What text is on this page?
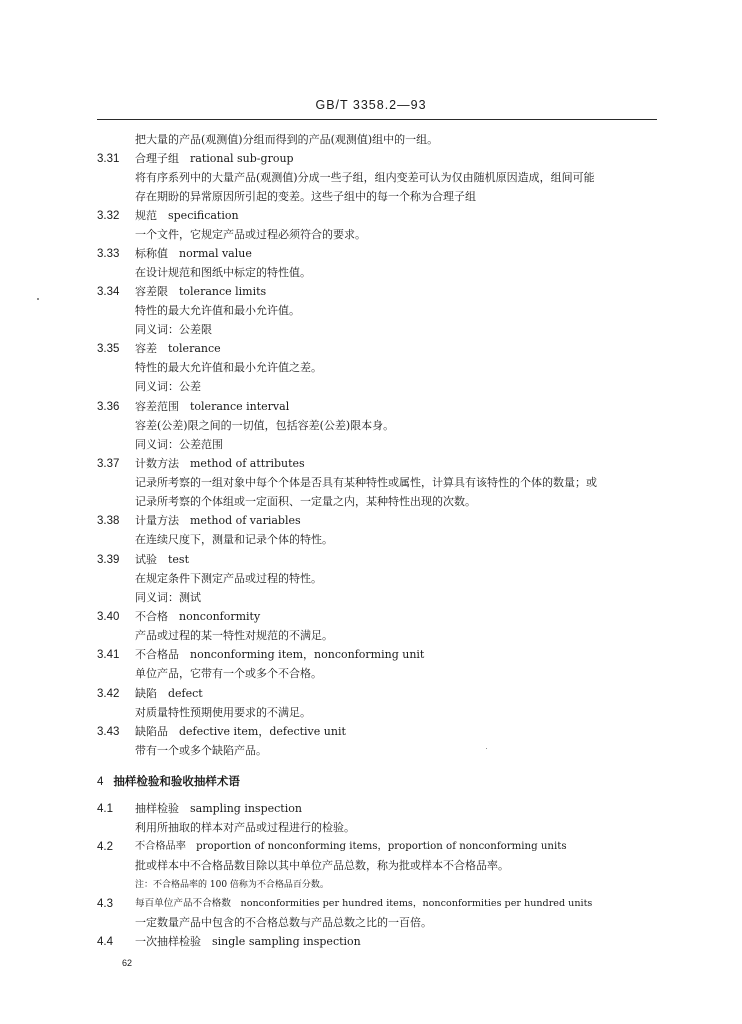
GB/T 3358.2—93
把大量的产品(观测值)分组而得到的产品(观测值)组中的一组。
3.31 合理子组　rational sub-group
将有序系列中的大量产品(观测值)分成一些子组，组内变差可认为仅由随机原因造成，组间可能
存在期盼的异常原因所引起的变差。这些子组中的每一个称为合理子组
3.32 规范　specification
一个文件，它规定产品或过程必须符合的要求。
3.33 标称值　normal value
在设计规范和图纸中标定的特性值。
3.34 容差限　tolerance limits
特性的最大允许值和最小允许值。
同义词：公差限
3.35 容差　tolerance
特性的最大允许值和最小允许值之差。
同义词：公差
3.36 容差范围　tolerance interval
容差(公差)限之间的一切值，包括容差(公差)限本身。
同义词：公差范围
3.37 计数方法　method of attributes
记录所考察的一组对象中每个个体是否具有某种特性或属性，计算具有该特性的个体的数量；或
记录所考察的个体组或一定面积、一定量之内，某种特性出现的次数。
3.38 计量方法　method of variables
在连续尺度下，测量和记录个体的特性。
3.39 试验　test
在规定条件下测定产品或过程的特性。
同义词：测试
3.40 不合格　nonconformity
产品或过程的某一特性对规范的不满足。
3.41 不合格品　nonconforming item，nonconforming unit
单位产品，它带有一个或多个不合格。
3.42 缺陷　defect
对质量特性预期使用要求的不满足。
3.43 缺陷品　defective item，defective unit
带有一个或多个缺陷产品。
4 抽样检验和验收抽样术语
4.1 抽样检验　sampling inspection
利用所抽取的样本对产品或过程进行的检验。
4.2 不合格品率　proportion of nonconforming items，proportion of nonconforming units
批或样本中不合格品数目除以其中单位产品总数，称为批或样本不合格品率。
注：不合格品率的 100 倍称为不合格品百分数。
4.3 每百单位产品不合格数　nonconformities per hundred items，nonconformities per hundred units
一定数量产品中包含的不合格总数与产品总数之比的一百倍。
4.4 一次抽样检验　single sampling inspection
62
